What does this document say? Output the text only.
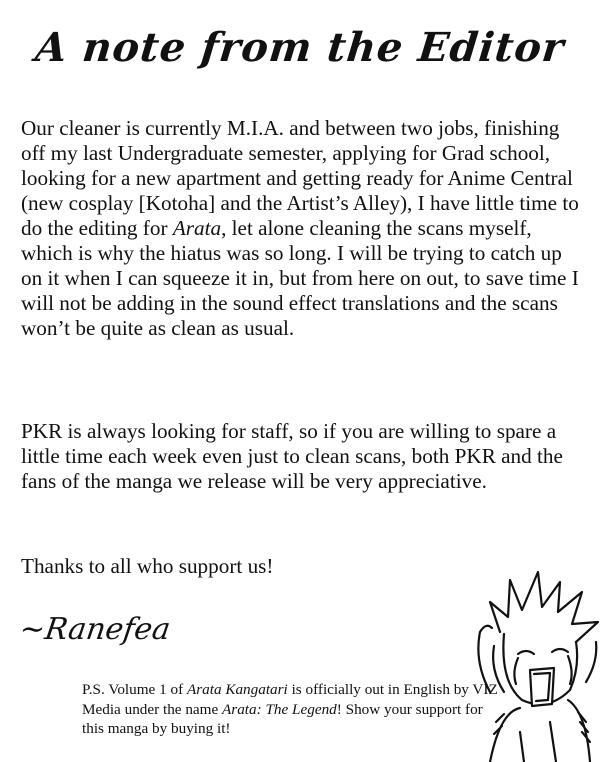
A note from the Editor

Our cleaner is currently M.I.A. and between two jobs, finishing off my last Undergraduate semester, applying for Grad school, looking for a new apartment and getting ready for Anime Central (new cosplay [Kotoha] and the Artist’s Alley), I have little time to do the editing for Arata, let alone cleaning the scans myself, which is why the hiatus was so long. I will be trying to catch up on it when I can squeeze it in, but from here on out, to save time I will not be adding in the sound effect translations and the scans won’t be quite as clean as usual.

PKR is always looking for staff, so if you are willing to spare a little time each week even just to clean scans, both PKR and the fans of the manga we release will be very appreciative.

Thanks to all who support us!

~Ranefea

P.S. Volume 1 of Arata Kangatari is officially out in English by VIZ Media under the name Arata: The Legend! Show your support for this manga by buying it!
